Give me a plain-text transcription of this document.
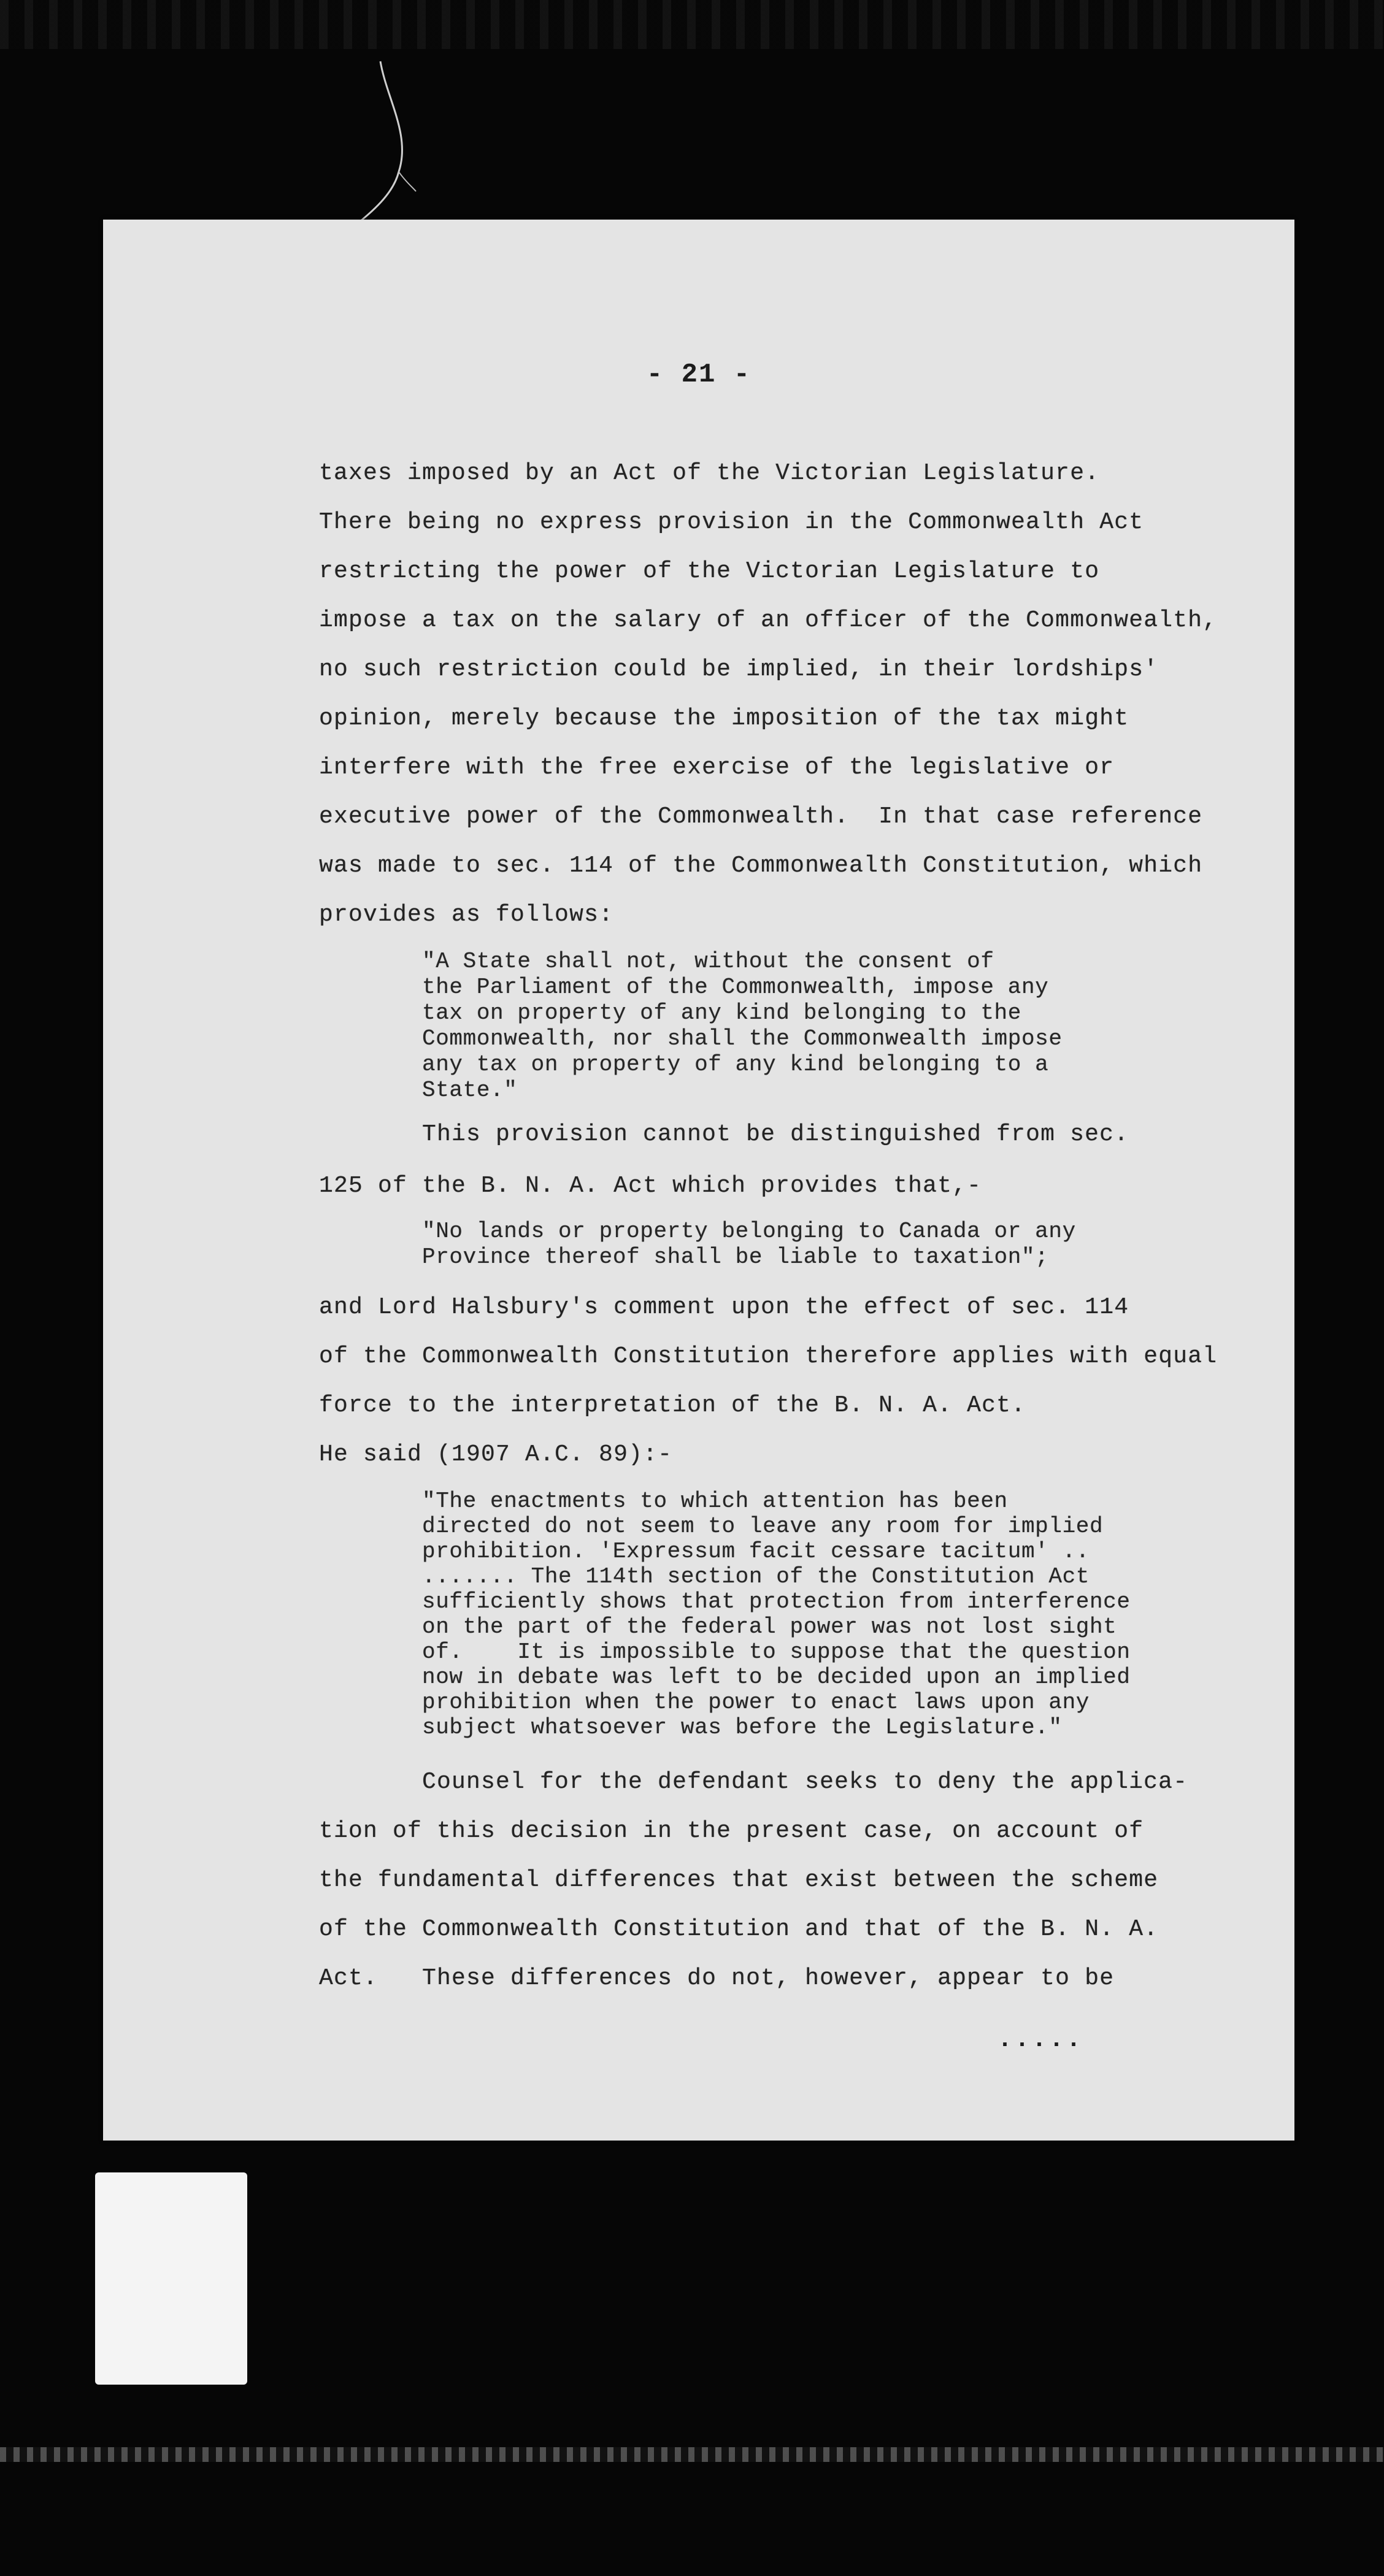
- 21 -
taxes imposed by an Act of the Victorian Legislature.
There being no express provision in the Commonwealth Act
restricting the power of the Victorian Legislature to
impose a tax on the salary of an officer of the Commonwealth,
no such restriction could be implied, in their lordships'
opinion, merely because the imposition of the tax might
interfere with the free exercise of the legislative or
executive power of the Commonwealth.  In that case reference
was made to sec. 114 of the Commonwealth Constitution, which
provides as follows:
"A State shall not, without the consent of
the Parliament of the Commonwealth, impose any
tax on property of any kind belonging to the
Commonwealth, nor shall the Commonwealth impose
any tax on property of any kind belonging to a
State."
This provision cannot be distinguished from sec.
125 of the B. N. A. Act which provides that,-
"No lands or property belonging to Canada or any
Province thereof shall be liable to taxation";
and Lord Halsbury's comment upon the effect of sec. 114
of the Commonwealth Constitution therefore applies with equal
force to the interpretation of the B. N. A. Act.
He said (1907 A.C. 89):-
"The enactments to which attention has been
directed do not seem to leave any room for implied
prohibition. 'Expressum facit cessare tacitum' ..
....... The 114th section of the Constitution Act
sufficiently shows that protection from interference
on the part of the federal power was not lost sight
of.    It is impossible to suppose that the question
now in debate was left to be decided upon an implied
prohibition when the power to enact laws upon any
subject whatsoever was before the Legislature."
Counsel for the defendant seeks to deny the applica-
tion of this decision in the present case, on account of
the fundamental differences that exist between the scheme
of the Commonwealth Constitution and that of the B. N. A.
Act.   These differences do not, however, appear to be
.....
